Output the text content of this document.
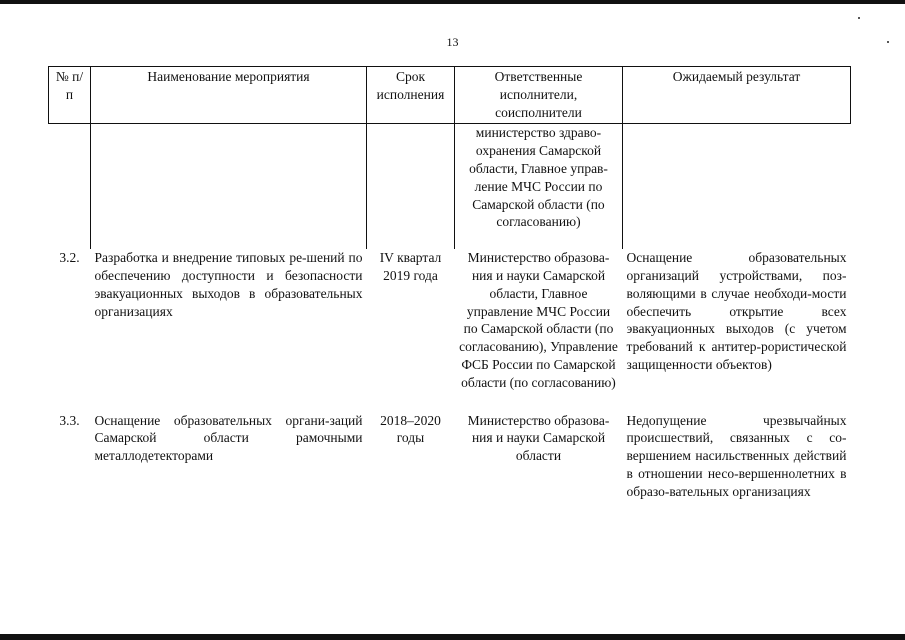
13
№ п/п	Наименование мероприятия	Срок исполнения	Ответственные исполнители, соисполнители	Ожидаемый результат
			министерство здраво-охранения Самарской области, Главное управ-ление МЧС России по Самарской области (по согласованию)	
3.2.	Разработка и внедрение типовых ре-шений по обеспечению доступности и безопасности эвакуационных выходов в образовательных организациях	IV квартал 2019 года	Министерство образова-ния и науки Самарской области, Главное управление МЧС России по Самарской области (по согласованию), Управление ФСБ России по Самарской области (по согласованию)	Оснащение образовательных организаций устройствами, поз-воляющими в случае необходи-мости обеспечить открытие всех эвакуационных выходов (с учетом требований к антитер-рористической защищенности объектов)
3.3.	Оснащение образовательных органи-заций Самарской области рамочными металлодетекторами	2018–2020 годы	Министерство образова-ния и науки Самарской области	Недопущение чрезвычайных происшествий, связанных с со-вершением насильственных действий в отношении несо-вершеннолетних в образо-вательных организациях
